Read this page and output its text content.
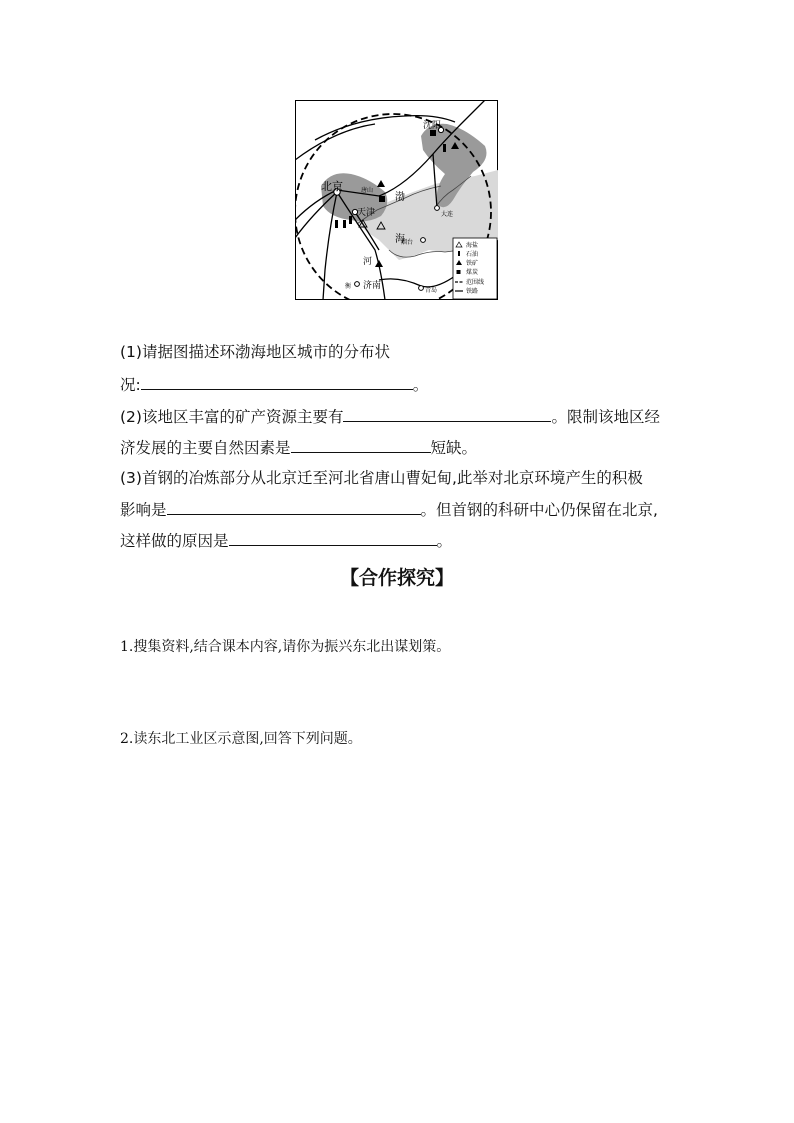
北京
天津
唐山
沈阳
大连
烟台
济南	青岛
衡
渤
海
河
海盐
石油
铁矿
煤炭
范围线
铁路
(1)请据图描述环渤海地区城市的分布状
况:	。
(2)该地区丰富的矿产资源主要有	。限制该地区经
济发展的主要自然因素是	短缺。
(3)首钢的冶炼部分从北京迁至河北省唐山曹妃甸,此举对北京环境产生的积极
影响是	。但首钢的科研中心仍保留在北京,
这样做的原因是	。
【合作探究】
1.搜集资料,结合课本内容,请你为振兴东北出谋划策。
2.读东北工业区示意图,回答下列问题。
